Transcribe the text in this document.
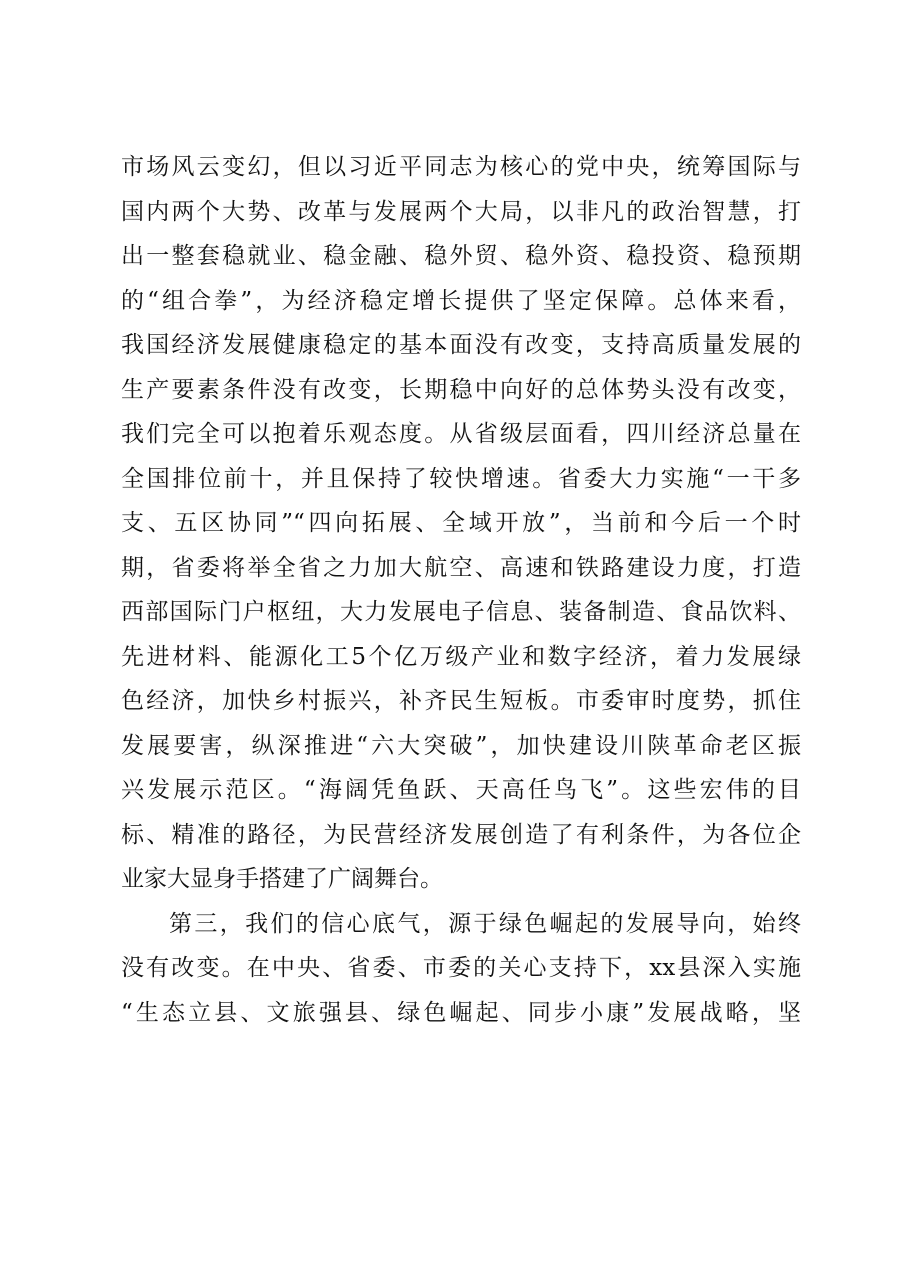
市场风云变幻，但以习近平同志为核心的党中央，统筹国际与
国内两个大势、改革与发展两个大局，以非凡的政治智慧，打
出一整套稳就业、稳金融、稳外贸、稳外资、稳投资、稳预期
的“组合拳”，为经济稳定增长提供了坚定保障。总体来看，
我国经济发展健康稳定的基本面没有改变，支持高质量发展的
生产要素条件没有改变，长期稳中向好的总体势头没有改变，
我们完全可以抱着乐观态度。从省级层面看，四川经济总量在
全国排位前十，并且保持了较快增速。省委大力实施“一干多
支、五区协同”“四向拓展、全域开放”，当前和今后一个时
期，省委将举全省之力加大航空、高速和铁路建设力度，打造
西部国际门户枢纽，大力发展电子信息、装备制造、食品饮料、
先进材料、能源化工5个亿万级产业和数字经济，着力发展绿
色经济，加快乡村振兴，补齐民生短板。市委审时度势，抓住
发展要害，纵深推进“六大突破”，加快建设川陕革命老区振
兴发展示范区。“海阔凭鱼跃、天高任鸟飞”。这些宏伟的目
标、精准的路径，为民营经济发展创造了有利条件，为各位企
业家大显身手搭建了广阔舞台。
第三，我们的信心底气，源于绿色崛起的发展导向，始终
没有改变。在中央、省委、市委的关心支持下，xx县深入实施
“生态立县、文旅强县、绿色崛起、同步小康”发展战略，坚
